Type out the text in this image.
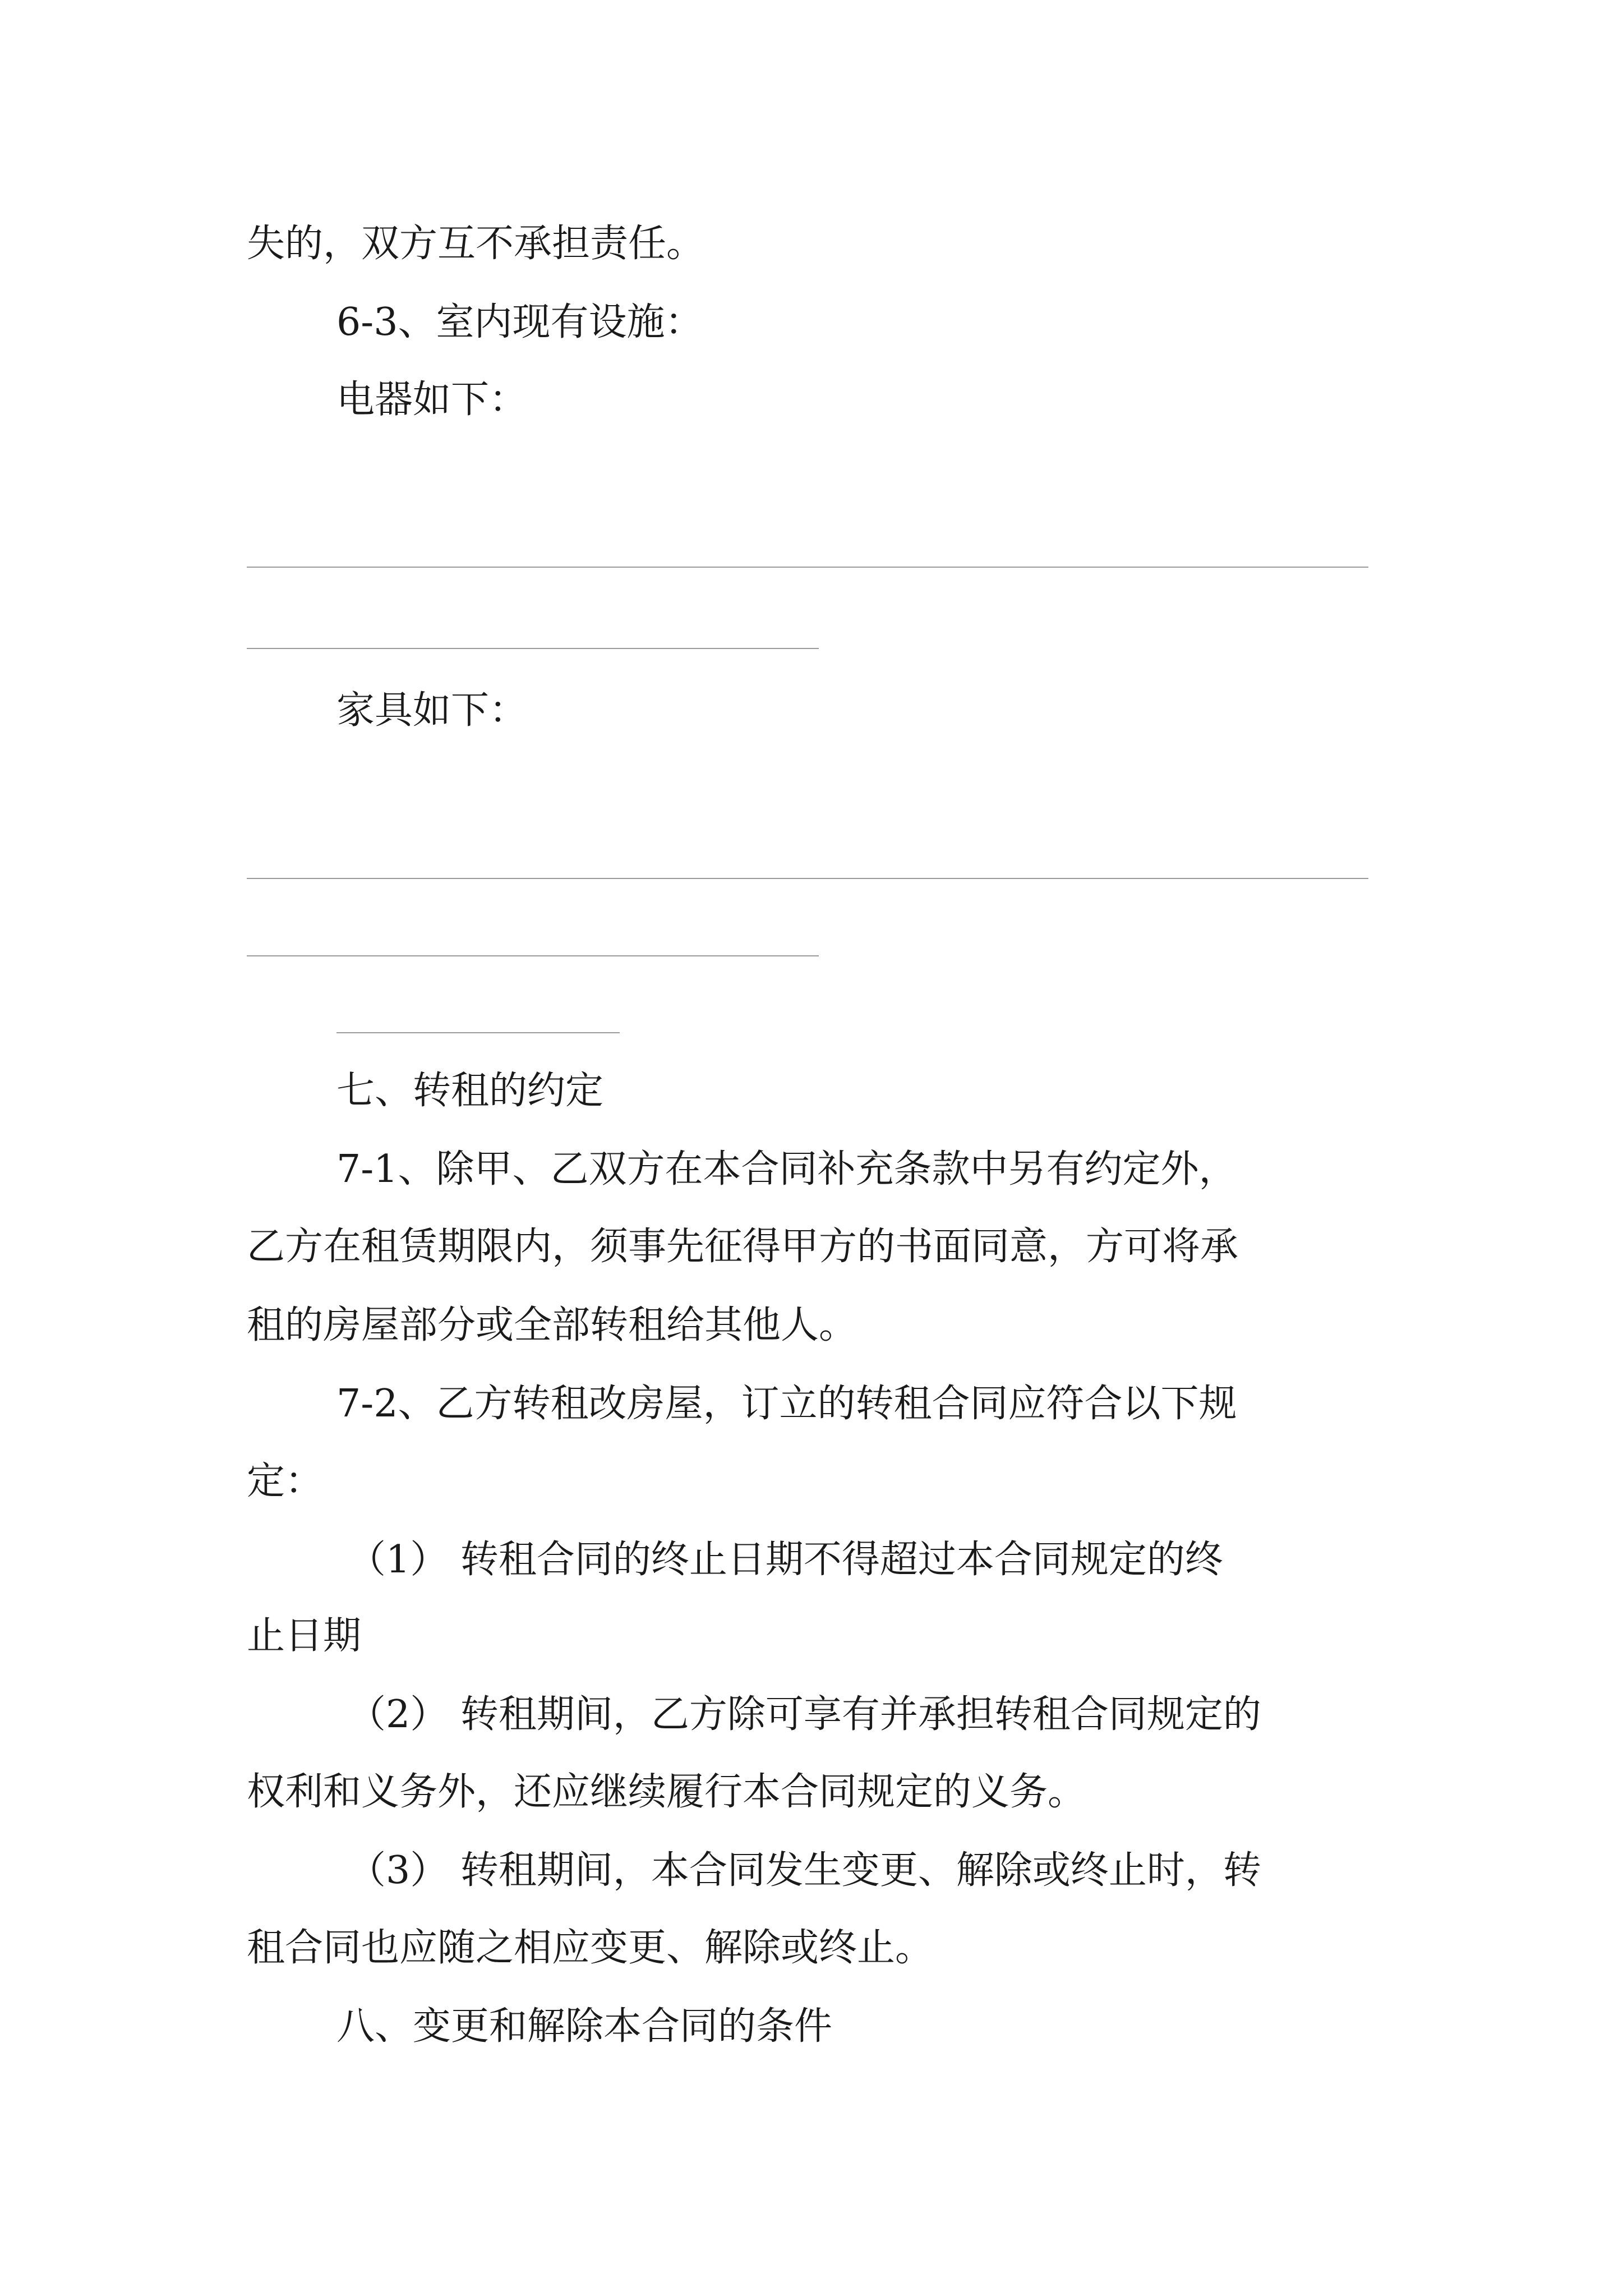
失的，双方互不承担责任。

6-3、室内现有设施：

电器如下：

家具如下：

七、转租的约定

7-1、除甲、乙双方在本合同补充条款中另有约定外，

乙方在租赁期限内，须事先征得甲方的书面同意，方可将承

租的房屋部分或全部转租给其他人。

7-2、乙方转租改房屋，订立的转租合同应符合以下规

定：

（1） 转租合同的终止日期不得超过本合同规定的终

止日期

（2） 转租期间，乙方除可享有并承担转租合同规定的

权利和义务外，还应继续履行本合同规定的义务。

（3） 转租期间，本合同发生变更、解除或终止时，转

租合同也应随之相应变更、解除或终止。

八、变更和解除本合同的条件
